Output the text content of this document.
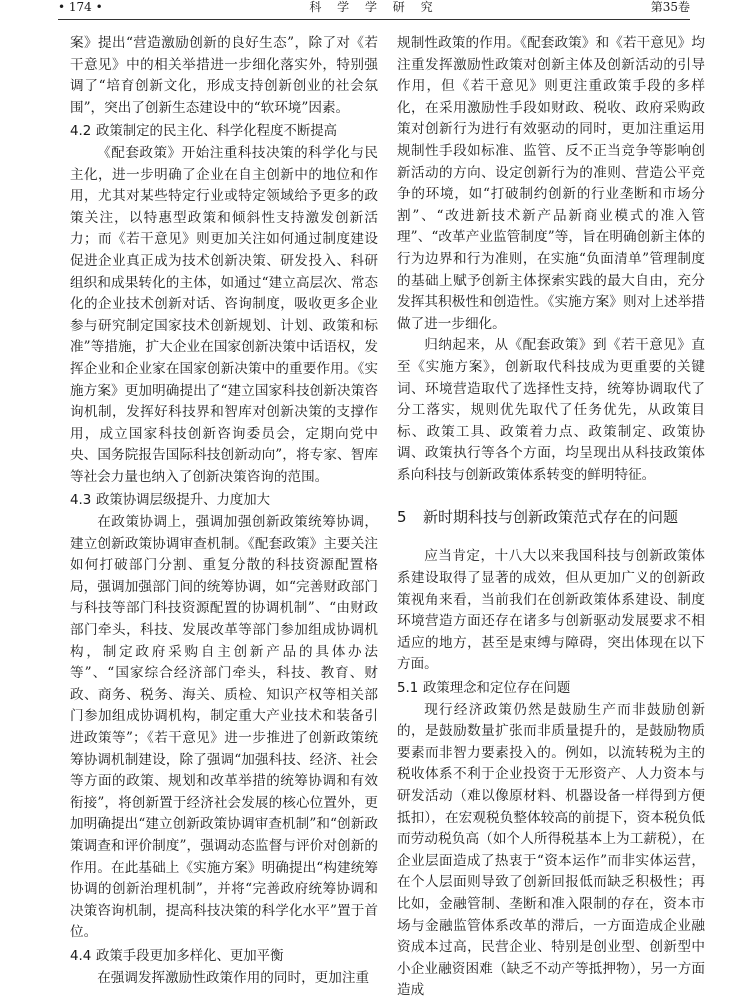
• 174 •	科 学 学 研 究	第35卷

案》提出“营造激励创新的良好生态”，除了对《若干意见》中的相关举措进一步细化落实外，特别强调了“培育创新文化，形成支持创新创业的社会氛围”，突出了创新生态建设中的“软环境”因素。

4.2 政策制定的民主化、科学化程度不断提高

《配套政策》开始注重科技决策的科学化与民主化，进一步明确了企业在自主创新中的地位和作用，尤其对某些特定行业或特定领域给予更多的政策关注，以特惠型政策和倾斜性支持激发创新活力；而《若干意见》则更加关注如何通过制度建设促进企业真正成为技术创新决策、研发投入、科研组织和成果转化的主体，如通过“建立高层次、常态化的企业技术创新对话、咨询制度，吸收更多企业参与研究制定国家技术创新规划、计划、政策和标准”等措施，扩大企业在国家创新决策中话语权，发挥企业和企业家在国家创新决策中的重要作用。《实施方案》更加明确提出了“建立国家科技创新决策咨询机制，发挥好科技界和智库对创新决策的支撑作用，成立国家科技创新咨询委员会，定期向党中央、国务院报告国际科技创新动向”，将专家、智库等社会力量也纳入了创新决策咨询的范围。

4.3 政策协调层级提升、力度加大

在政策协调上，强调加强创新政策统筹协调，建立创新政策协调审查机制。《配套政策》主要关注如何打破部门分割、重复分散的科技资源配置格局，强调加强部门间的统筹协调，如“完善财政部门与科技等部门科技资源配置的协调机制”、“由财政部门牵头，科技、发展改革等部门参加组成协调机构，制定政府采购自主创新产品的具体办法等”、“国家综合经济部门牵头，科技、教育、财政、商务、税务、海关、质检、知识产权等相关部门参加组成协调机构，制定重大产业技术和装备引进政策等”；《若干意见》进一步推进了创新政策统筹协调机制建设，除了强调“加强科技、经济、社会等方面的政策、规划和改革举措的统筹协调和有效衔接”，将创新置于经济社会发展的核心位置外，更加明确提出“建立创新政策协调审查机制”和“创新政策调查和评价制度”，强调动态监督与评价对创新的作用。在此基础上《实施方案》明确提出“构建统筹协调的创新治理机制”，并将“完善政府统筹协调和决策咨询机制，提高科技决策的科学化水平”置于首位。

4.4 政策手段更加多样化、更加平衡

在强调发挥激励性政策作用的同时，更加注重

规制性政策的作用。《配套政策》和《若干意见》均注重发挥激励性政策对创新主体及创新活动的引导作用，但《若干意见》则更注重政策手段的多样化，在采用激励性手段如财政、税收、政府采购政策对创新行为进行有效驱动的同时，更加注重运用规制性手段如标准、监管、反不正当竞争等影响创新活动的方向、设定创新行为的准则、营造公平竞争的环境，如“打破制约创新的行业垄断和市场分割”、“改进新技术新产品新商业模式的准入管理”、“改革产业监管制度”等，旨在明确创新主体的行为边界和行为准则，在实施“负面清单”管理制度的基础上赋予创新主体探索实践的最大自由，充分发挥其积极性和创造性。《实施方案》则对上述举措做了进一步细化。

归纳起来，从《配套政策》到《若干意见》直至《实施方案》，创新取代科技成为更重要的关键词、环境营造取代了选择性支持，统筹协调取代了分工落实，规则优先取代了任务优先，从政策目标、政策工具、政策着力点、政策制定、政策协调、政策执行等各个方面，均呈现出从科技政策体系向科技与创新政策体系转变的鲜明特征。

5 新时期科技与创新政策范式存在的问题

应当肯定，十八大以来我国科技与创新政策体系建设取得了显著的成效，但从更加广义的创新政策视角来看，当前我们在创新政策体系建设、制度环境营造方面还存在诸多与创新驱动发展要求不相适应的地方，甚至是束缚与障碍，突出体现在以下方面。

5.1 政策理念和定位存在问题

现行经济政策仍然是鼓励生产而非鼓励创新的，是鼓励数量扩张而非质量提升的，是鼓励物质要素而非智力要素投入的。例如，以流转税为主的税收体系不利于企业投资于无形资产、人力资本与研发活动（难以像原材料、机器设备一样得到方便抵扣），在宏观税负整体较高的前提下，资本税负低而劳动税负高（如个人所得税基本上为工薪税），在企业层面造成了热衷于“资本运作”而非实体运营，在个人层面则导致了创新回报低而缺乏积极性；再比如，金融管制、垄断和准入限制的存在，资本市场与金融监管体系改革的滞后，一方面造成企业融资成本过高，民营企业、特别是创业型、创新型中小企业融资困难（缺乏不动产等抵押物），另一方面造成
